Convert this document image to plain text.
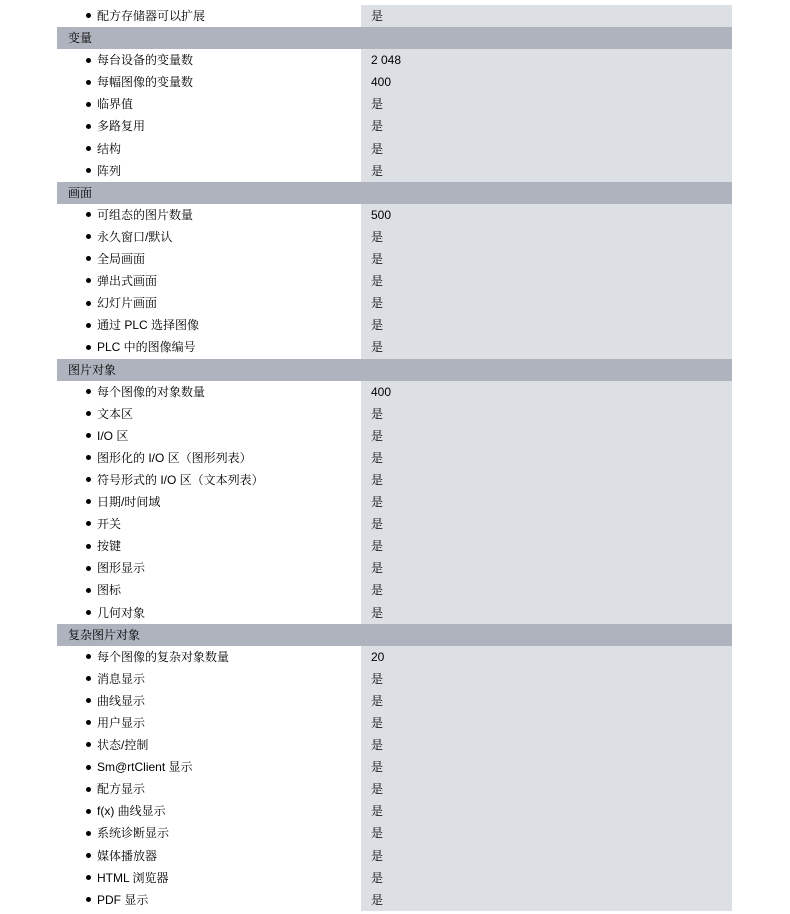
配方存储器可以扩展	是
变量
每台设备的变量数	2 048
每幅图像的变量数	400
临界值	是
多路复用	是
结构	是
阵列	是
画面
可组态的图片数量	500
永久窗口/默认	是
全局画面	是
弹出式画面	是
幻灯片画面	是
通过 PLC 选择图像	是
PLC 中的图像编号	是
图片对象
每个图像的对象数量	400
文本区	是
I/O 区	是
图形化的 I/O 区（图形列表）	是
符号形式的 I/O 区（文本列表）	是
日期/时间域	是
开关	是
按键	是
图形显示	是
图标	是
几何对象	是
复杂图片对象
每个图像的复杂对象数量	20
消息显示	是
曲线显示	是
用户显示	是
状态/控制	是
Sm@rtClient 显示	是
配方显示	是
f(x) 曲线显示	是
系统诊断显示	是
媒体播放器	是
HTML 浏览器	是
PDF 显示	是
